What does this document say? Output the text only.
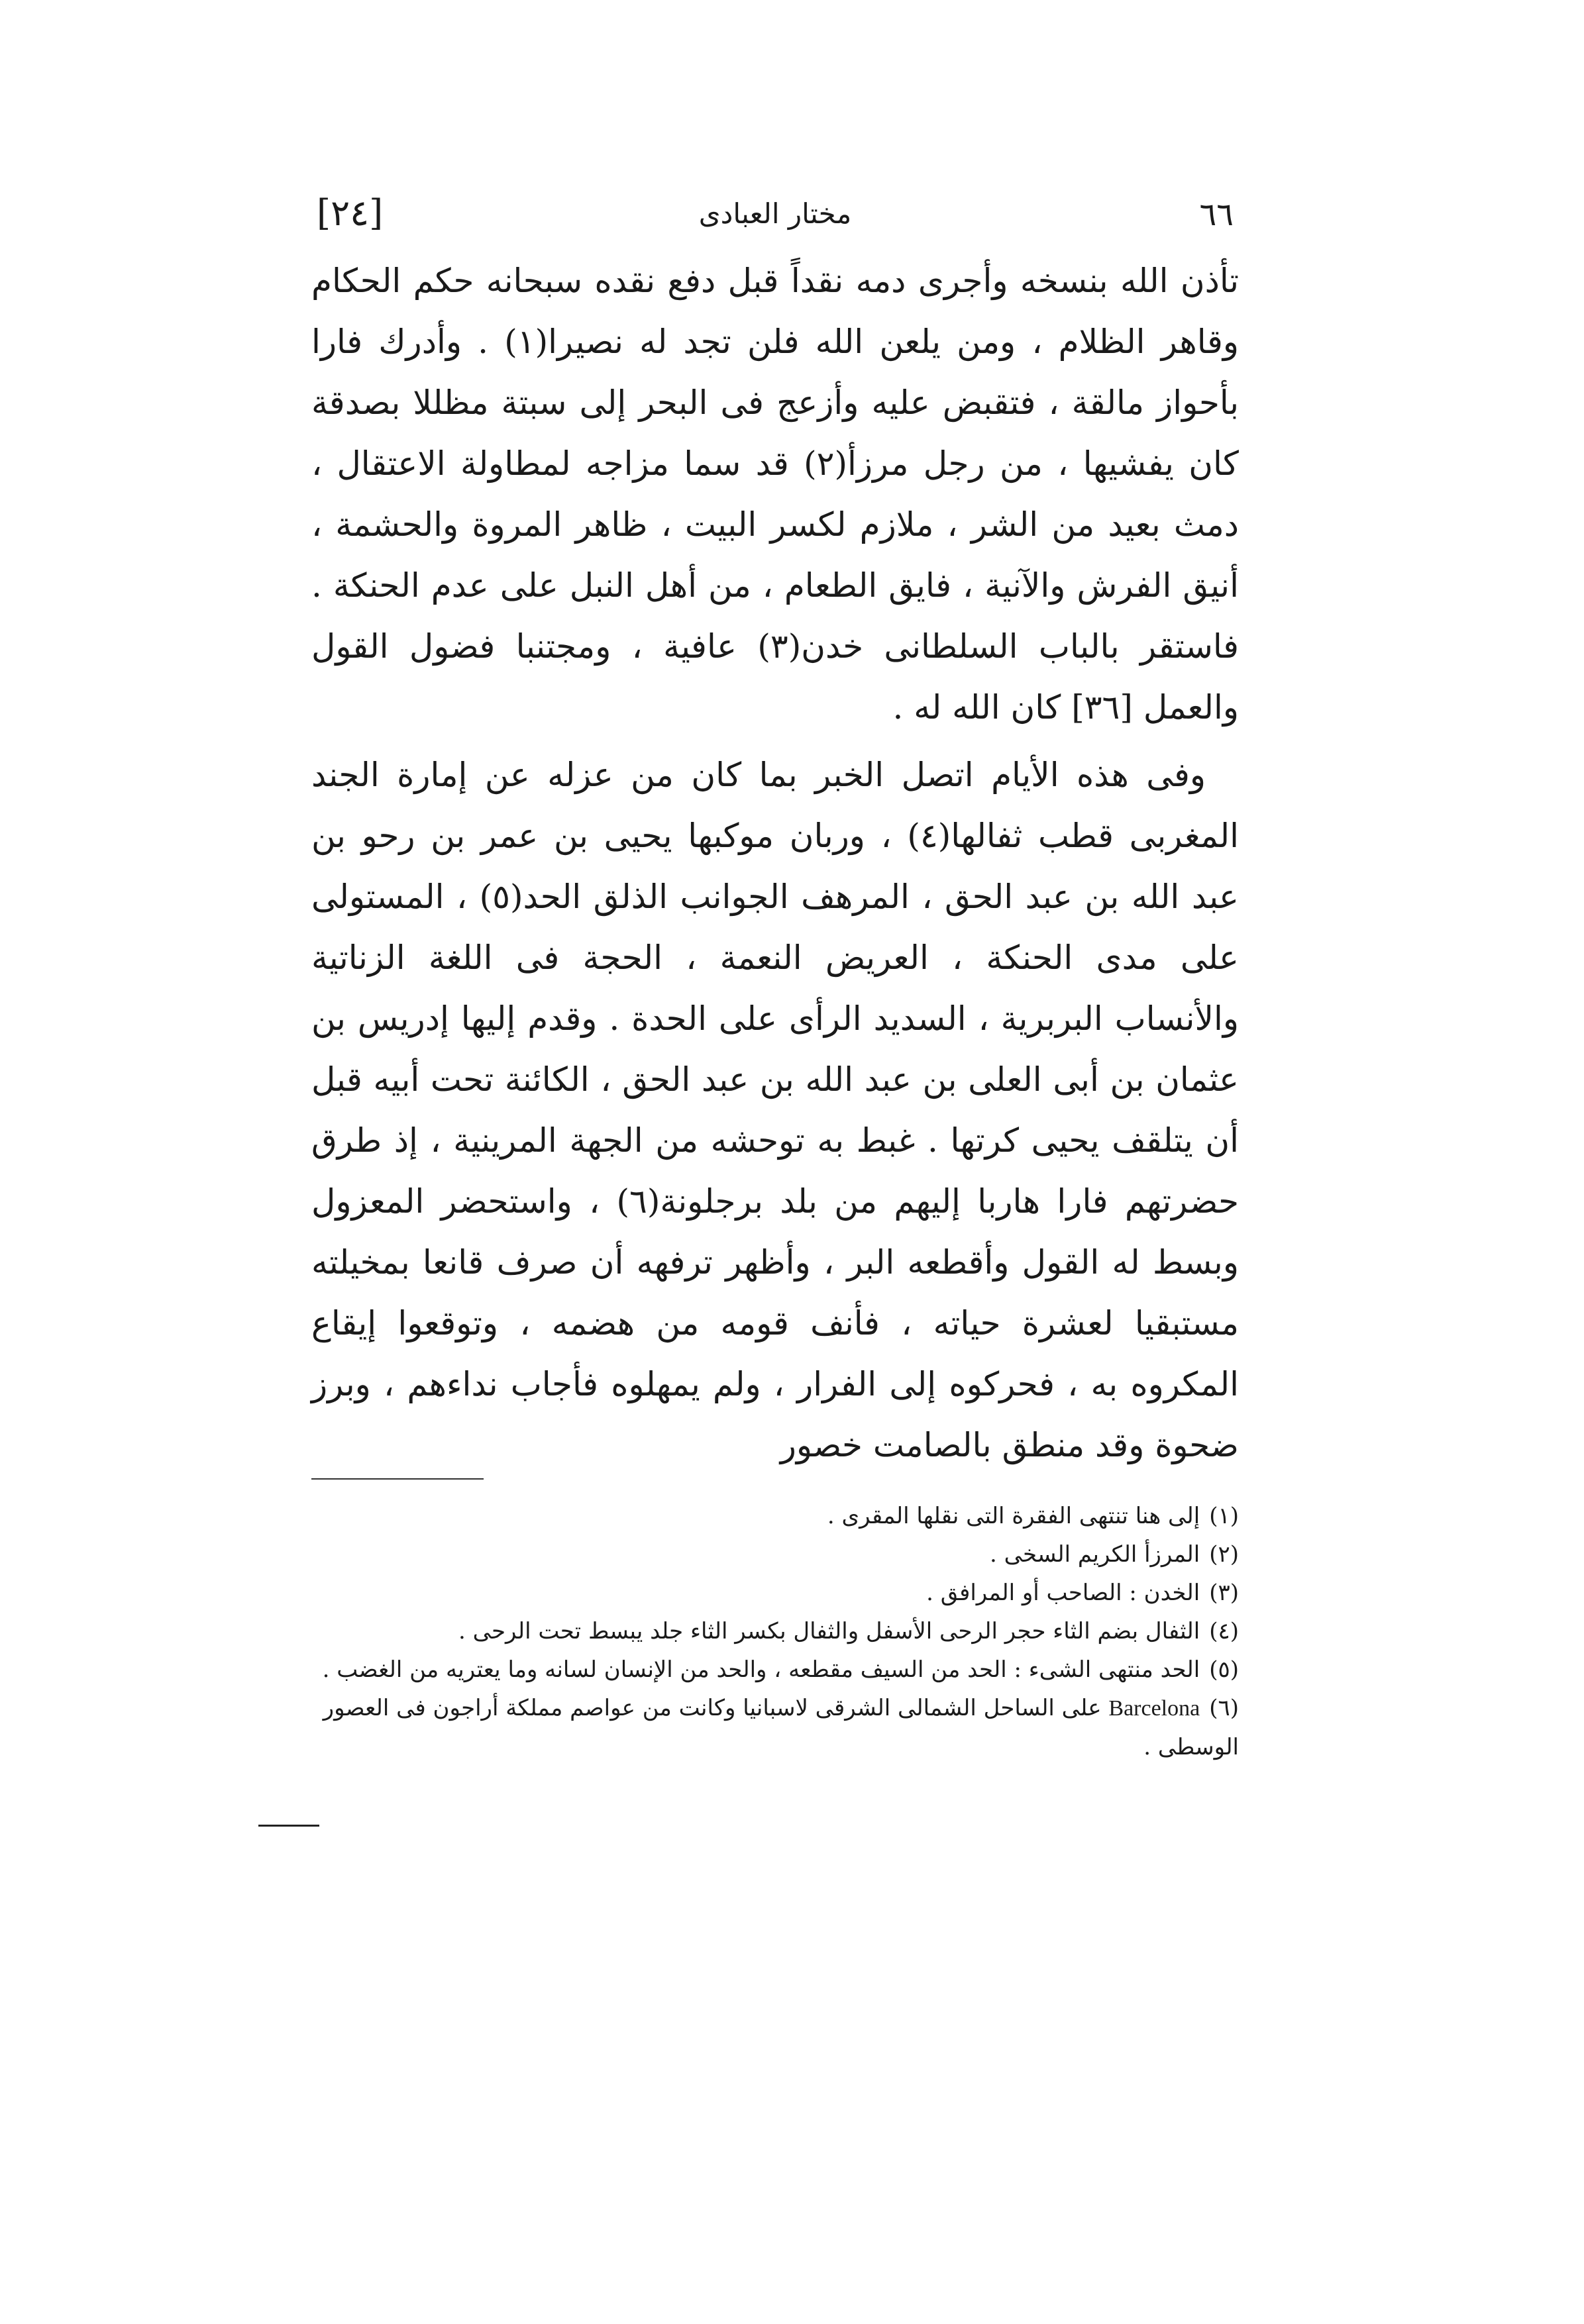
[٢٤]	مختار العبادى	٦٦

تأذن الله بنسخه وأجرى دمه نقداً قبل دفع نقده سبحانه حكم الحكام وقاهر الظلام ، ومن يلعن الله فلن تجد له نصيرا(١) . وأدرك فارا بأحواز مالقة ، فتقبض عليه وأزعج فى البحر إلى سبتة مظللا بصدقة كان يفشيها ، من رجل مرزأ(٢) قد سما مزاجه لمطاولة الاعتقال ، دمث بعيد من الشر ، ملازم لكسر البيت ، ظاهر المروة والحشمة ، أنيق الفرش والآنية ، فايق الطعام ، من أهل النبل على عدم الحنكة . فاستقر بالباب السلطانى خدن(٣) عافية ، ومجتنبا فضول القول والعمل [٣٦] كان الله له .

وفى هذه الأيام اتصل الخبر بما كان من عزله عن إمارة الجند المغربى قطب ثفالها(٤) ، وربان موكبها يحيى بن عمر بن رحو بن عبد الله بن عبد الحق ، المرهف الجوانب الذلق الحد(٥) ، المستولى على مدى الحنكة ، العريض النعمة ، الحجة فى اللغة الزناتية والأنساب البربرية ، السديد الرأى على الحدة . وقدم إليها إدريس بن عثمان بن أبى العلى بن عبد الله بن عبد الحق ، الكائنة تحت أبيه قبل أن يتلقف يحيى كرتها . غبط به توحشه من الجهة المرينية ، إذ طرق حضرتهم فارا هاربا إليهم من بلد برجلونة(٦) ، واستحضر المعزول وبسط له القول وأقطعه البر ، وأظهر ترفهه أن صرف قانعا بمخيلته مستبقيا لعشرة حياته ، فأنف قومه من هضمه ، وتوقعوا إيقاع المكروه به ، فحركوه إلى الفرار ، ولم يمهلوه فأجاب نداءهم ، وبرز ضحوة وقد منطق بالصامت خصور

(١)إلى هنا تنتهى الفقرة التى نقلها المقرى .

(٢)المرزأ الكريم السخى .

(٣)الخدن : الصاحب أو المرافق .

(٤)الثفال بضم الثاء حجر الرحى الأسفل والثفال بكسر الثاء جلد يبسط تحت الرحى .

(٥)الحد منتهى الشىء : الحد من السيف مقطعه ، والحد من الإنسان لسانه وما يعتريه من الغضب .

(٦)Barcelona على الساحل الشمالى الشرقى لاسبانيا وكانت من عواصم مملكة أراجون فى العصور الوسطى .
